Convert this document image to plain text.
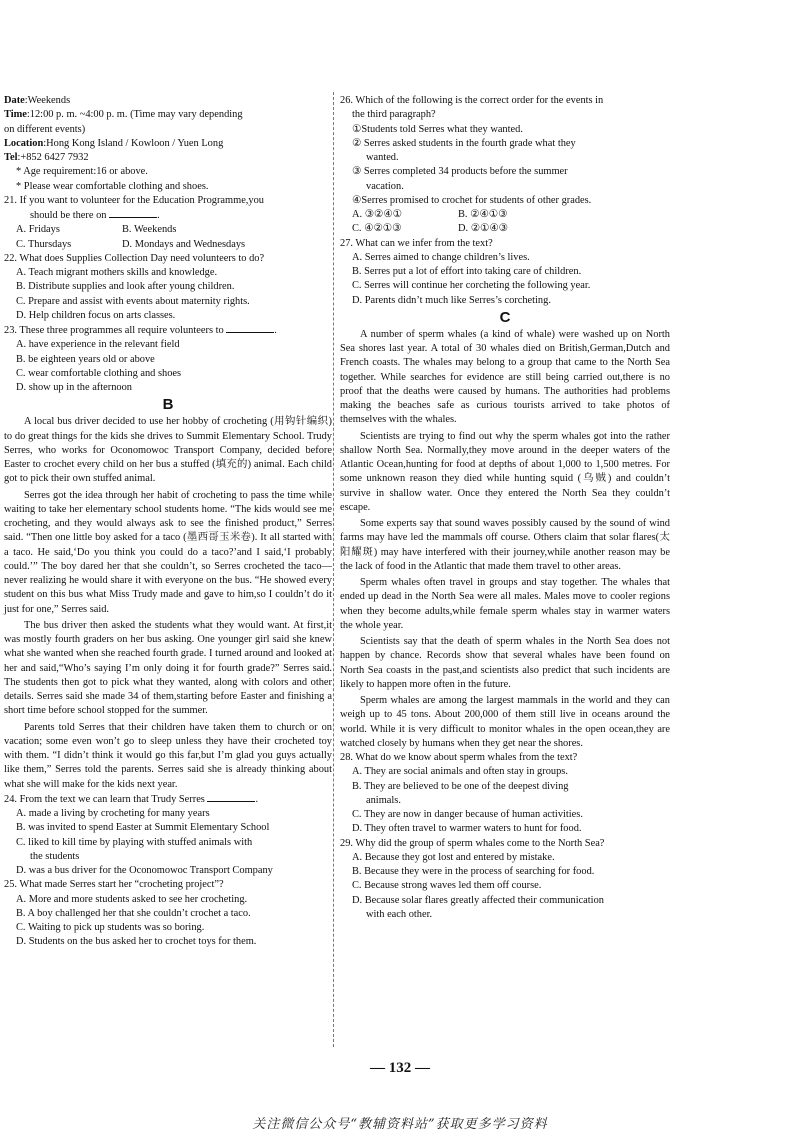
Date:Weekends

Time:12:00 p. m. ~4:00 p. m. (Time may vary depending

on different events)

Location:Hong Kong Island / Kowloon / Yuen Long

Tel:+852 6427 7932

* Age requirement:16 or above.

* Please wear comfortable clothing and shoes.

21. If you want to volunteer for the Education Programme,you

should be there on	.

A. Fridays	B. Weekends
C. Thursdays	D. Mondays and Wednesdays

22. What does Supplies Collection Day need volunteers to do?

A. Teach migrant mothers skills and knowledge.

B. Distribute supplies and look after young children.

C. Prepare and assist with events about maternity rights.

D. Help children focus on arts classes.

23. These three programmes all require volunteers to	.

A. have experience in the relevant field

B. be eighteen years old or above

C. wear comfortable clothing and shoes

D. show up in the afternoon

B

A local bus driver decided to use her hobby of crocheting (用钩针编织) to do great things for the kids she drives to Summit Elementary School. Trudy Serres, who works for Oconomowoc Transport Company, decided before Easter to crochet every child on her bus a stuffed (填充的) animal. Each child got to pick their own stuffed animal.

Serres got the idea through her habit of crocheting to pass the time while waiting to take her elementary school students home. “The kids would see me crocheting, and they would always ask to see the finished product,” Serres said. “Then one little boy asked for a taco (墨西哥玉米卷). It all started with a taco. He said,‘Do you think you could do a taco?’and I said,‘I probably could.’” The boy dared her that she couldn’t, so Serres crocheted the taco—never realizing he would share it with everyone on the bus. “He showed every student on this bus what Miss Trudy made and gave to him,so I couldn’t do it just for one,” Serres said.

The bus driver then asked the students what they would want. At first,it was mostly fourth graders on her bus asking. One younger girl said she knew what she wanted when she reached fourth grade. I turned around and looked at her and said,“Who’s saying I’m only doing it for fourth grade?” Serres said. The students then got to pick what they wanted, along with colors and other details. Serres said she made 34 of them,starting before Easter and finishing a short time before school stopped for the summer.

Parents told Serres that their children have taken them to church or on vacation; some even won’t go to sleep unless they have their crocheted toy with them. “I didn’t think it would go this far,but I’m glad you guys actually like them,” Serres told the parents. Serres said she is already thinking about what she will make for the kids next year.

24. From the text we can learn that Trudy Serres	.

A. made a living by crocheting for many years

B. was invited to spend Easter at Summit Elementary School

C. liked to kill time by playing with stuffed animals with

the students

D. was a bus driver for the Oconomowoc Transport Company

25. What made Serres start her “crocheting project”?

A. More and more students asked to see her crocheting.

B. A boy challenged her that she couldn’t crochet a taco.

C. Waiting to pick up students was so boring.

D. Students on the bus asked her to crochet toys for them.

26. Which of the following is the correct order for the events in

the third paragraph?

①Students told Serres what they wanted.

② Serres asked students in the fourth grade what they

wanted.

③ Serres completed 34 products before the summer

vacation.

④Serres promised to crochet for students of other grades.

A. ③②④①	B. ②④①③
C. ④②①③	D. ②①④③

27. What can we infer from the text?

A. Serres aimed to change children’s lives.

B. Serres put a lot of effort into taking care of children.

C. Serres will continue her corcheting the following year.

D. Parents didn’t much like Serres’s corcheting.

C

A number of sperm whales (a kind of whale) were washed up on North Sea shores last year. A total of 30 whales died on British,German,Dutch and French coasts. The whales may belong to a group that came to the North Sea together. While searches for evidence are still being carried out,there is no proof that the deaths were caused by humans. The authorities had problems making the beaches safe as curious tourists arrived to take photos of themselves with the whales.

Scientists are trying to find out why the sperm whales got into the rather shallow North Sea. Normally,they move around in the deeper waters of the Atlantic Ocean,hunting for food at depths of about 1,000 to 1,500 metres. For some unknown reason they died while hunting squid (乌贼) and couldn’t survive in shallow water. Once they entered the North Sea they couldn’t escape.

Some experts say that sound waves possibly caused by the sound of wind farms may have led the mammals off course. Others claim that solar flares(太阳耀斑) may have interfered with their journey,while another reason may be the lack of food in the Atlantic that made them travel to other areas.

Sperm whales often travel in groups and stay together. The whales that ended up dead in the North Sea were all males. Males move to cooler regions when they become adults,while female sperm whales stay in warmer waters the whole year.

Scientists say that the death of sperm whales in the North Sea does not happen by chance. Records show that several whales have been found on North Sea coasts in the past,and scientists also predict that such incidents are likely to happen more often in the future.

Sperm whales are among the largest mammals in the world and they can weigh up to 45 tons. About 200,000 of them still live in oceans around the world. While it is very difficult to monitor whales in the open ocean,they are watched closely by humans when they get near the shores.

28. What do we know about sperm whales from the text?

A. They are social animals and often stay in groups.

B. They are believed to be one of the deepest diving

animals.

C. They are now in danger because of human activities.

D. They often travel to warmer waters to hunt for food.

29. Why did the group of sperm whales come to the North Sea?

A. Because they got lost and entered by mistake.

B. Because they were in the process of searching for food.

C. Because strong waves led them off course.

D. Because solar flares greatly affected their communication

with each other.

— 132 —
关注微信公众号“教辅资料站”获取更多学习资料
